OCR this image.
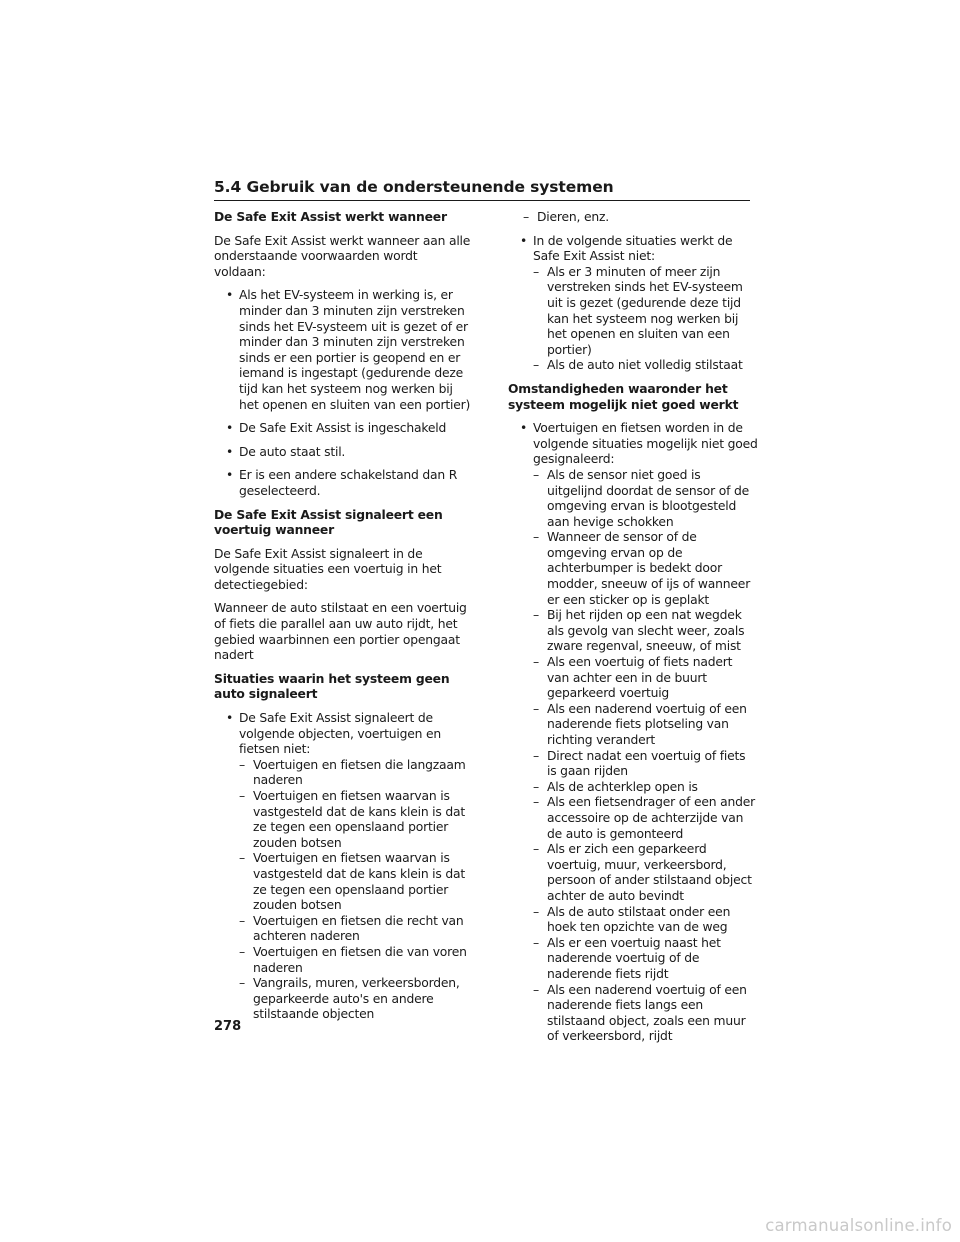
5.4 Gebruik van de ondersteunende systemen

De Safe Exit Assist werkt wanneer

De Safe Exit Assist werkt wanneer aan alle onderstaande voorwaarden wordt voldaan:

• Als het EV-systeem in werking is, er minder dan 3 minuten zijn verstreken sinds het EV-systeem uit is gezet of er minder dan 3 minuten zijn verstreken sinds er een portier is geopend en er iemand is ingestapt (gedurende deze tijd kan het systeem nog werken bij het openen en sluiten van een portier)
• De Safe Exit Assist is ingeschakeld
• De auto staat stil.
• Er is een andere schakelstand dan R geselecteerd.

De Safe Exit Assist signaleert een voertuig wanneer

De Safe Exit Assist signaleert in de volgende situaties een voertuig in het detectiegebied:

Wanneer de auto stilstaat en een voertuig of fiets die parallel aan uw auto rijdt, het gebied waarbinnen een portier opengaat nadert

Situaties waarin het systeem geen auto signaleert

• De Safe Exit Assist signaleert de volgende objecten, voertuigen en fietsen niet:
– Voertuigen en fietsen die langzaam naderen
– Voertuigen en fietsen waarvan is vastgesteld dat de kans klein is dat ze tegen een openslaand portier zouden botsen
– Voertuigen en fietsen waarvan is vastgesteld dat de kans klein is dat ze tegen een openslaand portier zouden botsen
– Voertuigen en fietsen die recht van achteren naderen
– Voertuigen en fietsen die van voren naderen
– Vangrails, muren, verkeersborden, geparkeerde auto's en andere stilstaande objecten
– Dieren, enz.
• In de volgende situaties werkt de Safe Exit Assist niet:
– Als er 3 minuten of meer zijn verstreken sinds het EV-systeem uit is gezet (gedurende deze tijd kan het systeem nog werken bij het openen en sluiten van een portier)
– Als de auto niet volledig stilstaat

Omstandigheden waaronder het systeem mogelijk niet goed werkt

• Voertuigen en fietsen worden in de volgende situaties mogelijk niet goed gesignaleerd:
– Als de sensor niet goed is uitgelijnd doordat de sensor of de omgeving ervan is blootgesteld aan hevige schokken
– Wanneer de sensor of de omgeving ervan op de achterbumper is bedekt door modder, sneeuw of ijs of wanneer er een sticker op is geplakt
– Bij het rijden op een nat wegdek als gevolg van slecht weer, zoals zware regenval, sneeuw, of mist
– Als een voertuig of fiets nadert van achter een in de buurt geparkeerd voertuig
– Als een naderend voertuig of een naderende fiets plotseling van richting verandert
– Direct nadat een voertuig of fiets is gaan rijden
– Als de achterklep open is
– Als een fietsendrager of een ander accessoire op de achterzijde van de auto is gemonteerd
– Als er zich een geparkeerd voertuig, muur, verkeersbord, persoon of ander stilstaand object achter de auto bevindt
– Als de auto stilstaat onder een hoek ten opzichte van de weg
– Als er een voertuig naast het naderende voertuig of de naderende fiets rijdt
– Als een naderend voertuig of een naderende fiets langs een stilstaand object, zoals een muur of verkeersbord, rijdt
278
carmanualsonline.info
